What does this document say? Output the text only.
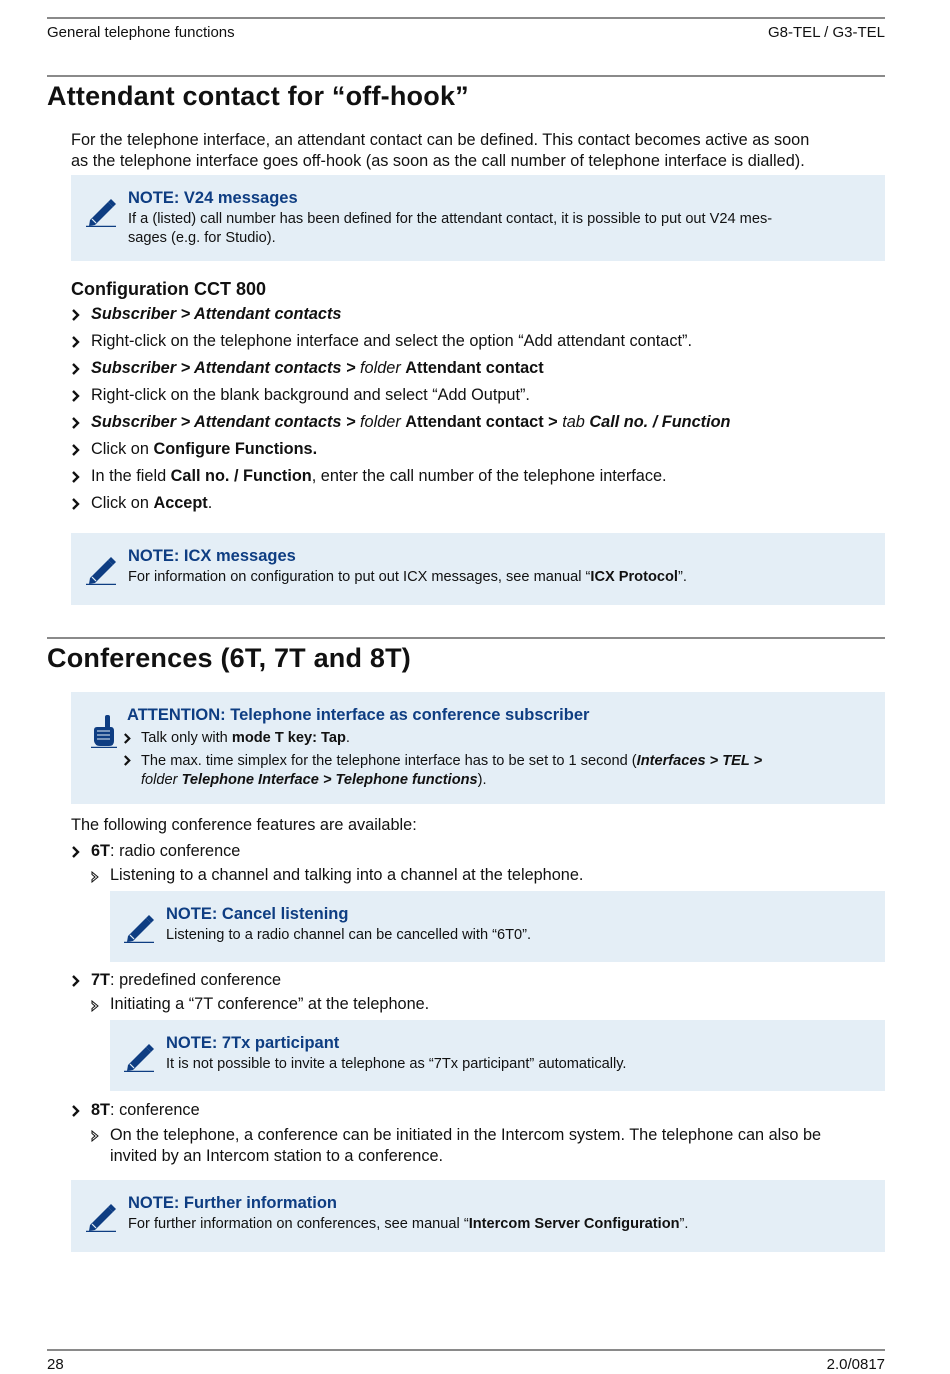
General telephone functions	G8-TEL / G3-TEL
Attendant contact for “off-hook”
For the telephone interface, an attendant contact can be defined. This contact becomes active as soon
as the telephone interface goes off-hook (as soon as the call number of telephone interface is dialled).
NOTE: V24 messages
If a (listed) call number has been defined for the attendant contact, it is possible to put out V24 mes-
sages (e.g. for Studio).
Configuration CCT 800
Subscriber > Attendant contacts
Right-click on the telephone interface and select the option “Add attendant contact”.
Subscriber > Attendant contacts > folder Attendant contact
Right-click on the blank background and select “Add Output”.
Subscriber > Attendant contacts > folder Attendant contact > tab Call no. / Function
Click on Configure Functions.
In the field Call no. / Function, enter the call number of the telephone interface.
Click on Accept.
NOTE: ICX messages
For information on configuration to put out ICX messages, see manual “ICX Protocol”.
Conferences (6T, 7T and 8T)
ATTENTION: Telephone interface as conference subscriber
Talk only with mode T key: Tap.
The max. time simplex for the telephone interface has to be set to 1 second (Interfaces > TEL >
folder Telephone Interface > Telephone functions).
The following conference features are available:
6T: radio conference
Listening to a channel and talking into a channel at the telephone.
NOTE: Cancel listening
Listening to a radio channel can be cancelled with “6T0”.
7T: predefined conference
Initiating a “7T conference” at the telephone.
NOTE: 7Tx participant
It is not possible to invite a telephone as “7Tx participant” automatically.
8T: conference
On the telephone, a conference can be initiated in the Intercom system. The telephone can also be
invited by an Intercom station to a conference.
NOTE: Further information
For further information on conferences, see manual “Intercom Server Configuration”.
28	2.0/0817
